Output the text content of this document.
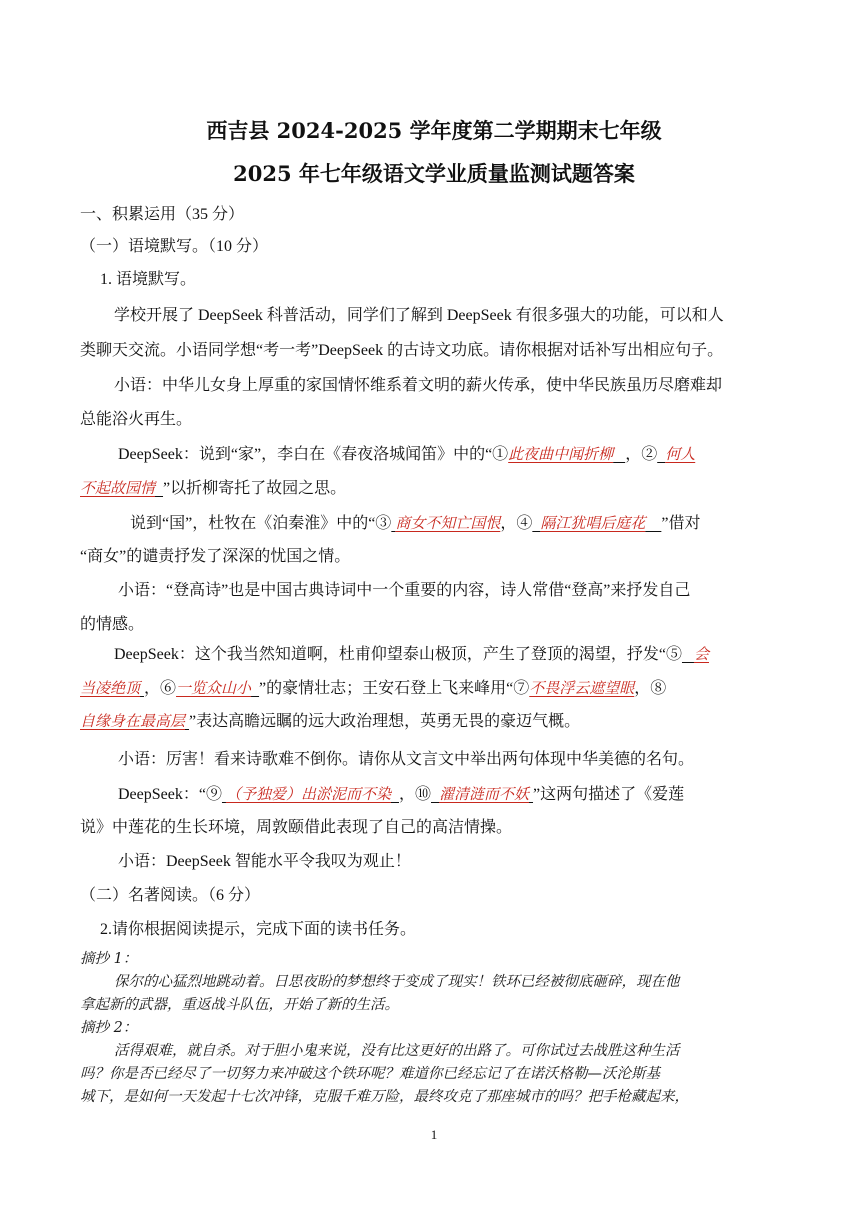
西吉县 2024-2025 学年度第二学期期末七年级
2025 年七年级语文学业质量监测试题答案
一、积累运用（35 分）
（一）语境默写。（10 分）
1. 语境默写。
学校开展了 DeepSeek 科普活动，同学们了解到 DeepSeek 有很多强大的功能，可以和人
类聊天交流。小语同学想“考一考”DeepSeek 的古诗文功底。请你根据对话补写出相应句子。
小语：中华儿女身上厚重的家国情怀维系着文明的薪火传承，使中华民族虽历尽磨难却
总能浴火再生。
DeepSeek：说到“家”，李白在《春夜洛城闻笛》中的“①此夜曲中闻折柳 ，② 何人
不起故园情 ”以折柳寄托了故园之思。
说到“国”，杜牧在《泊秦淮》中的“③ 商女不知亡国恨，④ 隔江犹唱后庭花 ”借对
“商女”的谴责抒发了深深的忧国之情。
小语：“登高诗”也是中国古典诗词中一个重要的内容，诗人常借“登高”来抒发自己
的情感。
DeepSeek：这个我当然知道啊，杜甫仰望泰山极顶，产生了登顶的渴望，抒发“⑤ 会
当凌绝顶 ，⑥一览众山小 ”的豪情壮志；王安石登上飞来峰用“⑦不畏浮云遮望眼，⑧
自缘身在最高层 ”表达高瞻远瞩的远大政治理想，英勇无畏的豪迈气概。
小语：厉害！看来诗歌难不倒你。请你从文言文中举出两句体现中华美德的名句。
DeepSeek：“⑨ （予独爱）出淤泥而不染 ，⑩ 濯清涟而不妖 ”这两句描述了《爱莲
说》中莲花的生长环境，周敦颐借此表现了自己的高洁情操。
小语：DeepSeek 智能水平令我叹为观止！
（二）名著阅读。（6 分）
2.请你根据阅读提示，完成下面的读书任务。
摘抄 1：
保尔的心猛烈地跳动着。日思夜盼的梦想终于变成了现实！铁环已经被彻底砸碎，现在他
拿起新的武器，重返战斗队伍，开始了新的生活。
摘抄 2：
活得艰难，就自杀。对于胆小鬼来说，没有比这更好的出路了。可你试过去战胜这种生活
吗？你是否已经尽了一切努力来冲破这个铁环呢？难道你已经忘记了在诺沃格勒—沃沦斯基
城下，是如何一天发起十七次冲锋，克服千难万险，最终攻克了那座城市的吗？把手枪藏起来，
1
